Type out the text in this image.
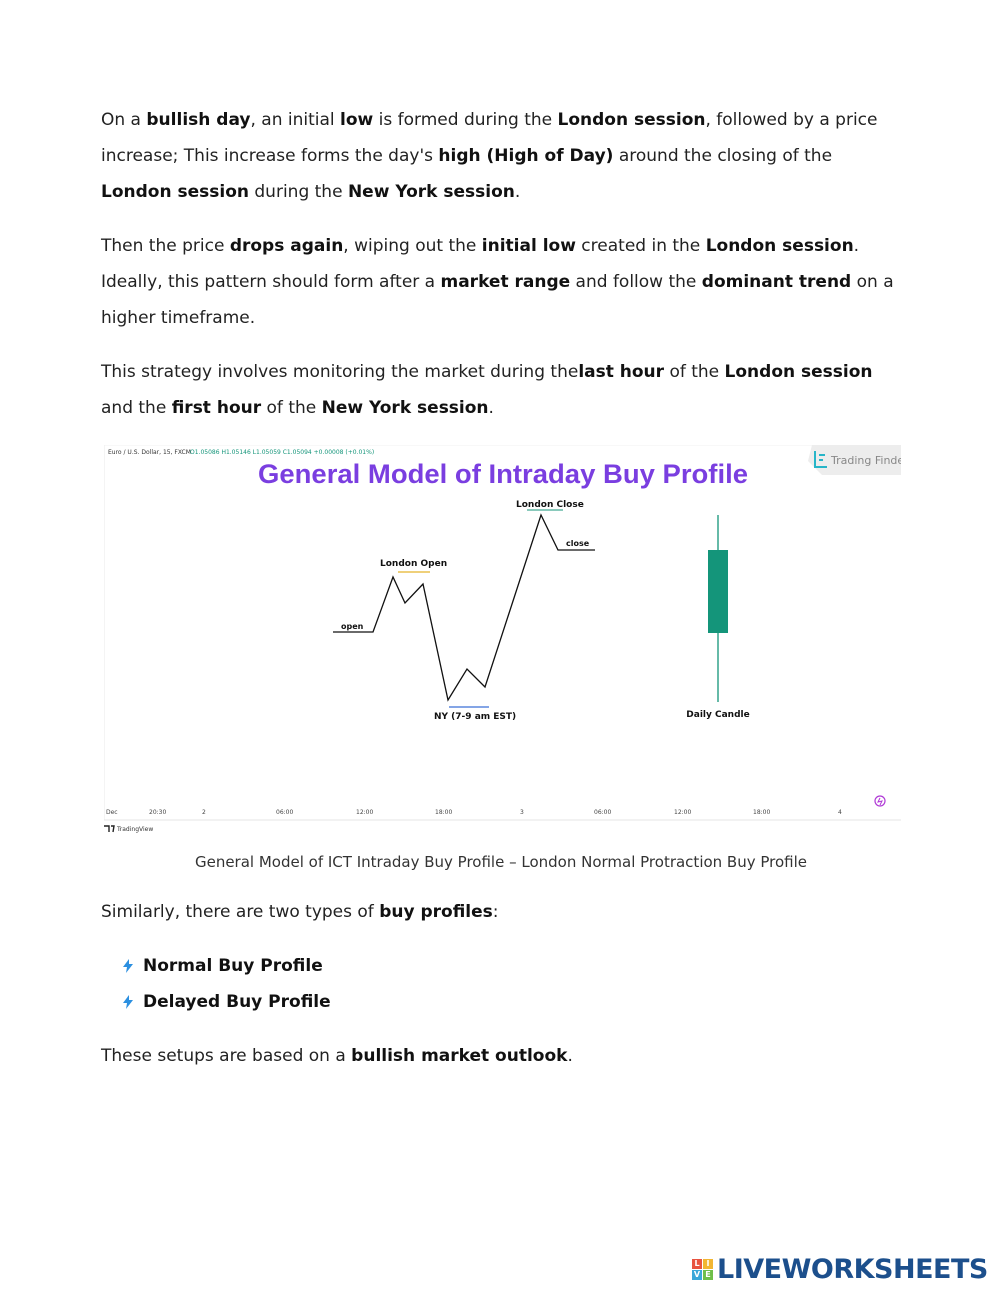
On a bullish day, an initial low is formed during the London session, followed by a price increase; This increase forms the day's high (High of Day) around the closing of the London session during the New York session.

Then the price drops again, wiping out the initial low created in the London session. Ideally, this pattern should form after a market range and follow the dominant trend on a higher timeframe.

This strategy involves monitoring the market during thelast hour of the London session and the first hour of the New York session.

Euro / U.S. Dollar, 15, FXCM O1.05086 H1.05146 L1.05059 C1.05094 +0.00008 (+0.01%)
Trading Finder
General Model of Intraday Buy Profile
open
London Open
London Close
close
NY (7-9 am EST)	Daily Candle
Dec	20:30	2	06:00	12:00	18:00	3	06:00	12:00	18:00	4
TradingView
General Model of ICT Intraday Buy Profile – London Normal Protraction Buy Profile

Similarly, there are two types of buy profiles:

Normal Buy Profile
Delayed Buy Profile

These setups are based on a bullish market outlook.

L I
V E LIVEWORKSHEETS
